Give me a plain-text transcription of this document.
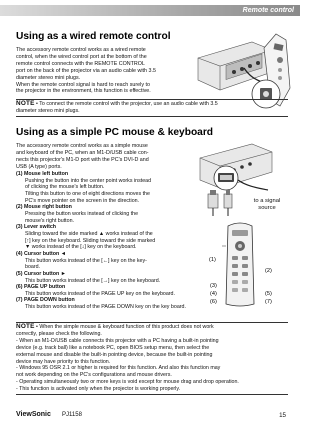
Remote control
Using as a wired remote control
The accessory remote control works as a wired remote
control, when the wired control port at the bottom of the
remote control connects with the REMOTE CONTROL
port on the back of the projector via an audio cable with 3.5
diameter stereo mini plugs.
When the remote control signal is hard to reach surely to
the projector in the environment, this function is effective.
NOTE • To connect the remote control with the projector, use an audio cable with 3.5
diameter stereo mini plugs.
Using as a simple PC mouse & keyboard
The accessory remote control works as a simple mouse
and keyboard of the PC, when an M1-D/USB cable con-
nects this projector's M1-D port with the PC's DVI-D and
USB (A type) ports.
(1) Mouse left button
Pushing the button into the center point works instead
of clicking the mouse's left button.
Tilting this button to one of eight directions moves the
PC's move pointer on the screen in the direction.
(2) Mouse right button
Pressing the button works instead of clicking the
mouse's right button.
(3) Lever switch
Sliding toward the side marked ▲ works instead of the
[↑] key on the keyboard. Sliding toward the side marked
▼ works instead of the [↓] key on the keyboard.
(4) Cursor button ◄
This button works instead of the [←] key on the key-
board.
(5) Cursor button ►
This button works instead of the [→] key on the keyboard.
(6) PAGE UP button
This button works instead of the PAGE UP key on the keyboard.
(7) PAGE DOWN button
This button works instead of the PAGE DOWN key on the key board.
to a signal
source
(1)
(2)
(3)
(4)
(6)
(5)
(7)
NOTE • When the simple mouse & keyboard function of this product does not work
correctly, please check the following.
- When an M1-D/USB cable connects this projector with a PC having a built-in pointing
device (e.g. track ball) like a notebook PC, open BIOS setup menu, then select the
external mouse and disable the built-in pointing device, because the built-in pointing
device may have priority to this function.
- Windows 95 OSR 2.1 or higher is required for this function. And also this function may
not work depending on the PC's configurations and mouse drivers.
- Operating simultaneously two or more keys is void except for mouse drag and drop operation.
- This function is activated only when the projector is working properly.
ViewSonic PJ1158	15
